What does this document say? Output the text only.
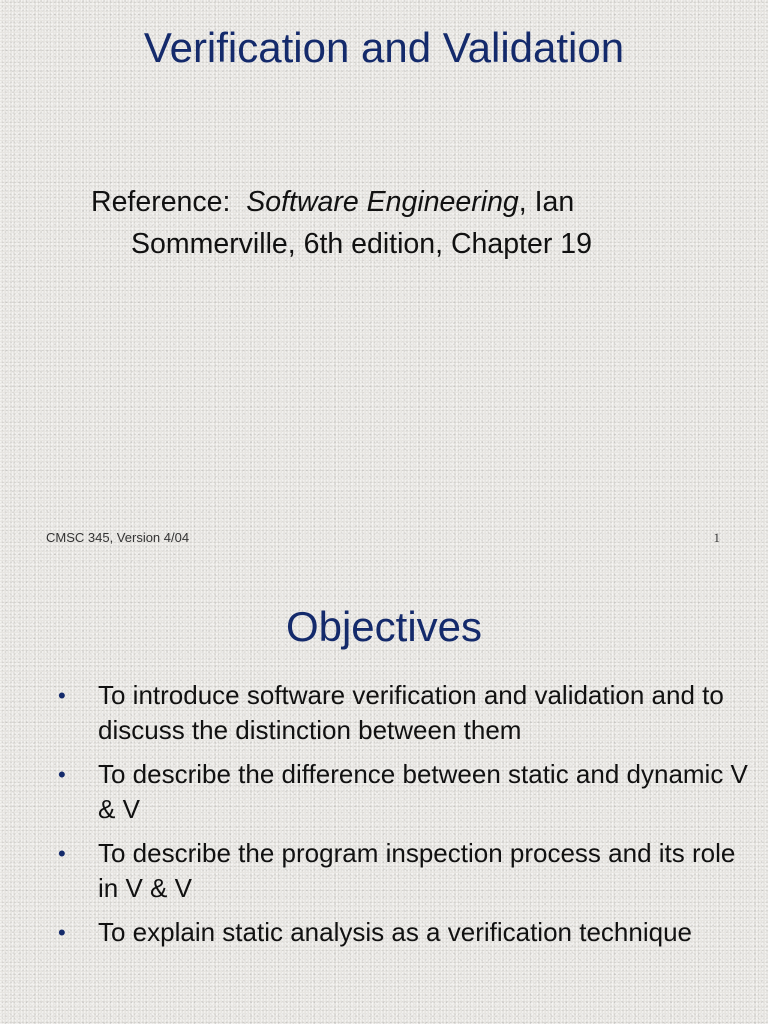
Verification and Validation
Reference: Software Engineering, Ian
Sommerville, 6th edition, Chapter 19
CMSC 345, Version 4/04	1
Objectives
•	To introduce software verification and validation and to discuss the distinction between them
•	To describe the difference between static and dynamic V & V
•	To describe the program inspection process and its role in V & V
•	To explain static analysis as a verification technique
